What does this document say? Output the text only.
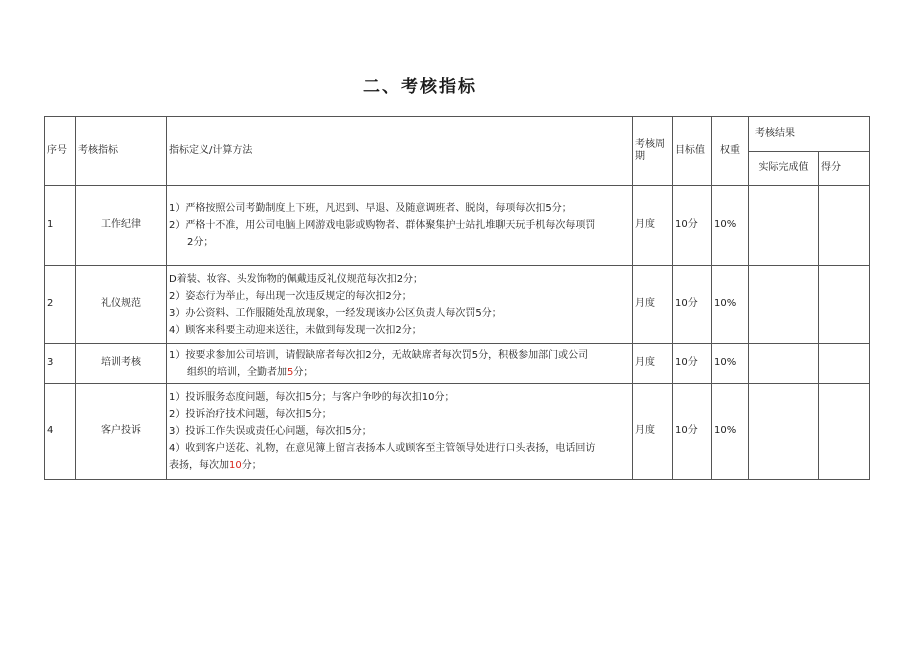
二、考核指标
序号	考核指标	指标定义/计算方法	考核周期	目标值	权重	考核结果	
						实际完成值	得分
1	工作纪律	1）严格按照公司考勤制度上下班，凡迟到、早退、及随意调班者、脱岗，每项每次扣5分；
2）严格十不准，用公司电脑上网游戏电影或购物者、群体聚集护士站扎堆聊天玩手机每次每项罚
2分；	月度	10分	10%		
2	礼仪规范	D着装、妆容、头发饰物的佩戴违反礼仪规范每次扣2分；
2）姿态行为举止，每出现一次违反规定的每次扣2分；
3）办公资料、工作服随处乱放现象，一经发现该办公区负责人每次罚5分；
4）顾客来科要主动迎来送往，未做到每发现一次扣2分；	月度	10分	10%		
3	培训考核	1）按要求参加公司培训，请假缺席者每次扣2分，无故缺席者每次罚5分，积极参加部门或公司
组织的培训，全勤者加5分；	月度	10分	10%		
4	客户投诉	1）投诉服务态度问题，每次扣5分；与客户争吵的每次扣10分；
2）投诉治疗技术问题，每次扣5分；
3）投诉工作失误或责任心问题，每次扣5分；
4）收到客户送花、礼物，在意见簿上留言表扬本人或顾客至主管领导处进行口头表扬，电话回访
表扬，每次加10分；	月度	10分	10%		
